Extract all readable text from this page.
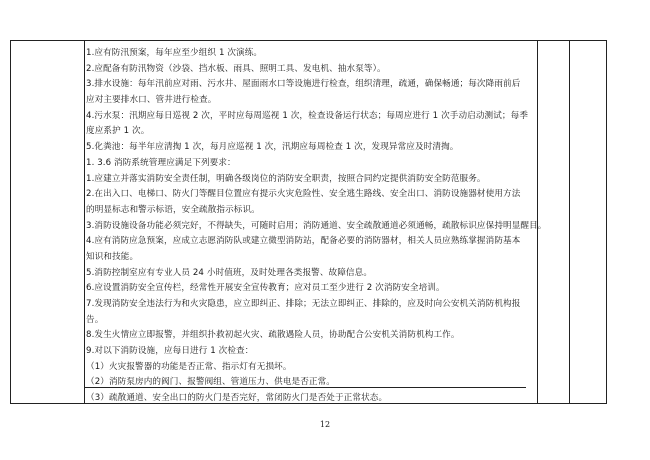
1.应有防汛预案，每年应至少组织 1 次演练。
2.应配备有防汛物资（沙袋、挡水板、雨具、照明工具、发电机、抽水泵等）。
3.排水设施：每年汛前应对雨、污水井、屋面雨水口等设施进行检查，组织清理，疏通，确保畅通；每次降雨前后
应对主要排水口、管井进行检查。
4.污水泵：汛期应每日巡视 2 次，平时应每周巡视 1 次，检查设备运行状态；每周应进行 1 次手动启动测试；每季
度应系护 1 次。
5.化粪池：每半年应清掏 1 次，每月应巡视 1 次，汛期应每周检查 1 次，发现异常应及时清掏。
1. 3.6 消防系统管理应满足下列要求：
1.应建立并落实消防安全责任制，明确各级岗位的消防安全职责，按照合同约定提供消防安全防范服务。
2.在出入口、电梯口、防火门等醒目位置应有提示火灾危险性、安全逃生路线、安全出口、消防设施器材使用方法
的明显标志和警示标语，安全疏散指示标识。
3.消防设施设备功能必须完好，不得缺失，可随时启用；消防通道、安全疏散通道必须通畅，疏散标识应保持明显醒目。
4.应有消防应急预案，应成立志愿消防队或建立微型消防站，配备必要的消防器材，相关人员应熟练掌握消防基本
知识和技能。
5.消防控制室应有专业人员 24 小时值班，及时处理各类报警、故障信息。
6.应设置消防安全宣传栏，经常性开展安全宣传教育；应对员工至少进行 2 次消防安全培训。
7.发现消防安全违法行为和火灾隐患，应立即纠正、排除；无法立即纠正、排除的，应及时向公安机关消防机构报
告。
8.发生火情应立即报警，并组织扑救初起火灾、疏散遇险人员，协助配合公安机关消防机构工作。
9.对以下消防设施，应每日进行 1 次检查：
（1）火灾报警器的功能是否正常、指示灯有无损坏。
（2）消防泵房内的阀门、报警阀组、管道压力、供电是否正常。
（3）疏散通道、安全出口的防火门是否完好，常闭防火门是否处于正常状态。
12
